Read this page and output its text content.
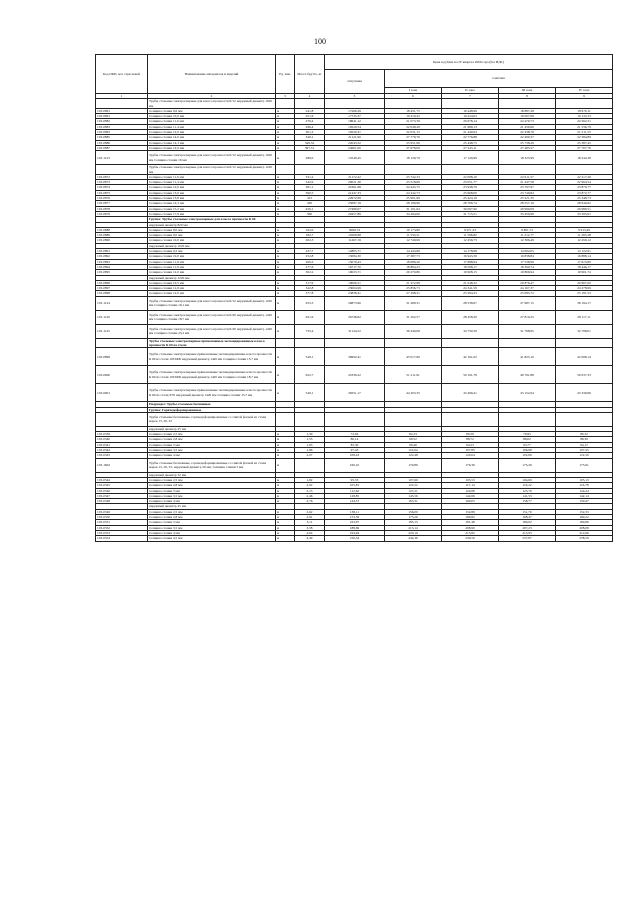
100
Код ОКП, кол отраслевой	Наименование материалов и изделий	Ед. изм.	Масса брутто, кг	Цена в рублях на IV квартал 2006 года (без НДС)				
				отпускная	Сметная			
					I зона	II зона	III зона	IV зона
1	2	3	4	5	6	7	8	9
	Трубы стальные электросварные для класса прочности К 52 наружный диаметр 1020 мм							
103-0861	толщина стенки 9,6 мм	м	241,8	17266,29	18 431,75	19 448,99	18 887,28	18 970,11
103-0861	толщина стенки 10,0 мм	м	251,6	17735,37	19 419,42	19 224,63	19 067,69	19 143,33
103-0882	толщина стенки 11,0 мм	м	276,4	18641,12	21 073,39	20 678,14	24 470,73	24 562,31
103-0883	толщина стенки 11,4 мм	м	296,4	19529,54	22 048,28	21 689,13	21 450,60	21 536,79
103-0863	толщина стенки 12,0 мм	м	301,3	19520,31	22 031,15	21 440,94	22 438,76	21 511,53
103-0885	толщина стенки 14,0 мм	м	349,1	21121,90	27 779,76	22 776,88	22 499,37	22 584,89
103-0886	толщина стенки 14,3 мм	м	349,32	22043,52	25 951,99	25 448,75	25 738,29	25 387,45
103-0887	толщина стенки 14,9 мм	м	397,31	24661,00	27 678,00	27 243,11	27 485,57	27 707,76
103-1123	Трубы стальные электросварные для класса прочности К 52 наружный диаметр 1020 мм толщина стенки 16 мм	м	286,0	15549,45	18 126,79	17 129,99	18 325,99	18 244,38
	Трубы стальные электросварные для класса прочности К 52 наружный диаметр 1220 мм							
103-0872	толщина стенки 11,0 мм	м	331,2	21172,42	23 742,33	22 098,10	22 611,57	22 217,26
103-0873	толщина стенки 11,4 мм	м	342,9	20021,36	23 518,69	23 051,77	21 447,58	22 964,54
103-0874	толщина стенки 12,0 мм	м	361,1	21661,68	24 445,75	23 948,79	23 767,97	23 879,77
103-0875	толщина стенки 13,0 мм	м	390,5	21447,33	24 442,73	23 968,00	23 749,84	23 872,77
103-0876	толщина стенки 13,8 мм	м	415	22972,69	25 901,99	25 424,19	25 221,35	25 348,73
103-0877	толщина стенки 14,3 мм	м	430	25087,19	28 199,96	28 766,74	28 557,16	28 649,62
103-0878	толщина стенки 15,2 мм	м	456,1	27480,07	31 101,64	30 097,90	29 990,09	29 989,51
103-0879	толщина стенки 17,9 мм	м	500	29457,89	34 494,00	31 715,51	33 450,96	33 595,61
	Группа: Трубы стальные электросварные для класса прочности К 60							
	наружный диаметр 820 мм							
103-0888	толщина стенки 8,0 мм	м	162,0	9066,74	10 173,80	9 971,33	9 891,73	9 913,49
103-0889	толщина стенки 9,0 мм	м	182,7	10209,98	11 550,51	11 596,82	11 212,77	11 263,28
103-0890	толщина стенки 10,0 мм	м	202,3	11267,19	12 749,99	12 456,73	12 396,49	12 459,12
	наружный диаметр 1020 мм							
103-0891	толщина стенки 9,2 мм	м	227,7	12803,71	14 443,66	14 178,98	14 062,05	14 122,91
103-0892	толщина стенки 10,0 мм	м	252,8	15084,30	17 287,73	16 943,39	16 838,84	16 888,14
103-0893	толщина стенки 11,0 мм	м	269,3	15070,43	18 086,20	17 688,94	17 538,99	17 615,89
103-0894	толщина стенки 11,0 мм	м	277,6	16717,70	18 884,23	18 508,17	18 360,74	18 446,17
103-0895	толщина стенки 12,0 мм	м	302,2	19023,71	20 270,86	19 908,15	19 866,94	19 901,74
	наружный диаметр 1220 мм							
103-0896	толщина стенки 10,5 мм	м	317,9	19066,51	21 472,98	21 048,32	20 876,47	20 967,00
103-0897	толщина стенки 11,0 мм	м	342,8	23004,99	25 856,73	24 341,59	24 167,37	24 278,99
103-0898	толщина стенки 12,0 мм	м	377,8	23838,41	27 298,31	25 294,43	25 083,72	25 191,53
103-1124	Трубы стальные электросварные для класса прочности К 52 наружный диаметр 1220 мм толщина стенки 19,1 мм	м	633,3	26873,90	31 289,31	28 538,97	27 987,15	28 194,17
103-1126	Трубы стальные электросварные для класса прочности К 60 наружный диаметр 1420 мм толщина стенки 18,7 мм	м	631,9	26748,62	31 502,57	28 458,30	27 810,25	28 117,11
103-1125	Трубы стальные электросварные для класса прочности К 60 наружный диаметр 1420 мм толщина стенки 23,2 мм	м	735,4	31144,52	36 440,08	34 750,39	31 798,65	32 798,01
	Трубы стальные электросварные прямошовные экспандированные класса прочности К 60 из стали							
103-0899	Трубы стальные электросварные прямошовные экспандированные класса прочности К 60 из стали 10Г2ФБ наружный диаметр 1420 мм толщина стенки 15,7 мм	м	549,1	36992,41	45 017,99	42 161,02	41 825,10	42 098,14
103-0900	Трубы стальные электросварные прямошовные экспандированные класса прочности К 60 из стали 10Г2ФБ наружный диаметр 1420 мм толщина стенки 18,7 мм	м	652,7	45336,22	51 211,91	50 191,78	49 791,88	50 037,33
103-0901	Трубы стальные электросварные прямошовные экспандированные класса прочности К 60 из стали Х70 наружный диаметр 1420 мм толщина стенки 15,7 мм	м	549,1	39251,17	44 203,35	43 499,41	43 152,94	43 339,66
	Подраздел: Трубы стальные бесшовные							
	Группа: Горячедеформированные							
	Трубы стальные бесшовные, горячедеформированные со снятой фаской из стали марок 15, 20, 25							
	наружный диаметр 25 мм							
103-0339	толщина стенки 2,5 мм	м	1,39	72,04	82,23	80,59	79,95	80,32
103-0340	толщина стенки 2,8 мм	м	1,55	80,14	90,52	88,72	88,02	88,39
103-0341	толщина стенки 3 мм	м	1,63	85,39	96,46	94,53	93,77	94,17
103-0342	толщина стенки 3,5 мм	м	1,86	97,43	110,04	107,85	106,98	107,45
103-0343	толщина стенки 4 мм	м	2,07	108,43	122,48	120,04	119,09	119,59
103-1602	Трубы стальные бесшовные, горячедеформированные со снятой фаской из стали марок 15, 20, 25, наружный диаметр 30 мм, толщина стенки 5 мм	м		160,10	179,89	176,36	175,29	175,91
	наружный диаметр 32 мм							
103-0344	толщина стенки 2,5 мм	м	1,82	95,33	107,69	105,53	104,69	105,13
103-0345	толщина стенки 2,8 мм	м	2,02	105,81	119,52	117,14	116,22	116,78
103-0346	толщина стенки 3 мм	м	2,15	112,62	127,21	124,68	123,70	124,24
103-0347	толщина стенки 3,5 мм	м	2,46	128,85	145,56	142,66	141,53	142,14
103-0348	толщина стенки 4 мм	м	2,76	144,57	163,31	160,05	158,77	159,47
	наружный диаметр 45 мм							
103-0349	толщина стенки 2,5 мм	м	2,62	138,11	156,00	152,89	151,70	152,33
103-0350	толщина стенки 2,8 мм	м	2,91	153,39	173,26	169,82	168,47	169,22
103-0351	толщина стенки 3 мм	м	3,11	163,97	185,15	181,48	180,02	180,86
103-0352	толщина стенки 3,5 мм	м	3,58	188,69	213,14	208,90	207,23	208,08
103-0353	толщина стенки 4 мм	м	4,04	194,94	220,19	215,82	213,95	214,96
103-0354	толщина стенки 4,5 мм	м	4,49	216,34	244,36	239,50	237,87	238,59
